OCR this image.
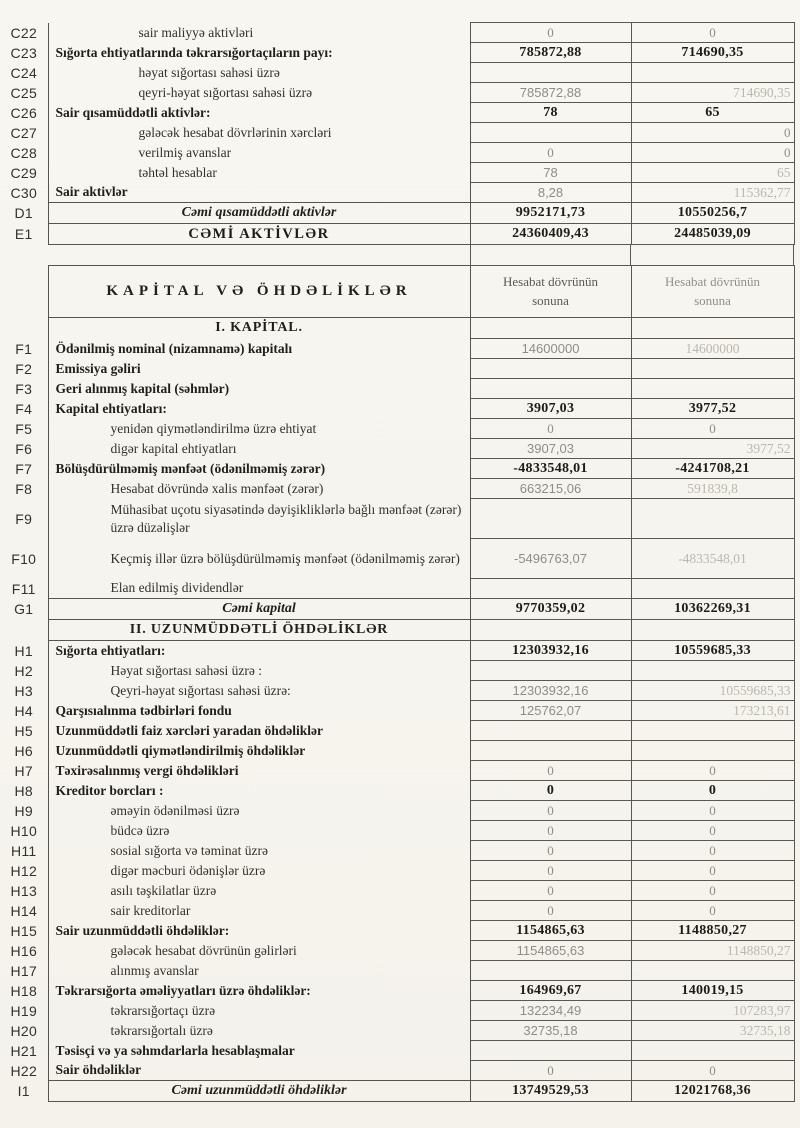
C22	sair maliyyə aktivləri	0	0
C23	Sığorta ehtiyatlarında təkrarsığortaçıların payı:	785872,88	714690,35
C24	həyat sığortası sahəsi üzrə		
C25	qeyri-həyat sığortası sahəsi üzrə	785872,88	714690,35
C26	Sair qısamüddətli aktivlər:	78	65
C27	gələcək hesabat dövrlərinin xərcləri		0
C28	verilmiş avanslar	0	0
C29	təhtəl hesablar	78	65
C30	Sair aktivlər	8,28	115362,77
D1	Cəmi qısamüddətli aktivlər	9952171,73	10550256,7
E1	CƏMİ AKTİVLƏR	24360409,43	24485039,09
	KAPİTAL VƏ ÖHDƏLİKLƏR	Hesabat dövrünün sonuna	Hesabat dövrünün sonuna
	I. KAPİTAL.		
F1	Ödənilmiş nominal (nizamnamə) kapitalı	14600000	14600000
F2	Emissiya gəliri		
F3	Geri alınmış kapital (səhmlər)		
F4	Kapital ehtiyatları:	3907,03	3977,52
F5	yenidən qiymətləndirilmə üzrə ehtiyat	0	0
F6	digər kapital ehtiyatları	3907,03	3977,52
F7	Bölüşdürülməmiş mənfəət (ödənilməmiş zərər)	-4833548,01	-4241708,21
F8	Hesabat dövründə xalis mənfəət (zərər)	663215,06	591839,8
F9	Mühasibat uçotu siyasətində dəyişikliklərlə bağlı mənfəət (zərər) üzrə düzəlişlər		
F10	Keçmiş illər üzrə bölüşdürülməmiş mənfəət (ödənilməmiş zərər)	-5496763,07	-4833548,01
F11	Elan edilmiş dividendlər		
G1	Cəmi kapital	9770359,02	10362269,31
	II. UZUNMÜDDƏTLİ ÖHDƏLİKLƏR		
H1	Sığorta ehtiyatları:	12303932,16	10559685,33
H2	Həyat sığortası sahəsi üzrə :		
H3	Qeyri-həyat sığortası sahəsi üzrə:	12303932,16	10559685,33
H4	Qarşısıalınma tədbirləri fondu	125762,07	173213,61
H5	Uzunmüddətli faiz xərcləri yaradan öhdəliklər		
H6	Uzunmüddətli qiymətləndirilmiş öhdəliklər		
H7	Təxirəsalınmış vergi öhdəlikləri	0	0
H8	Kreditor borcları :	0	0
H9	əməyin ödənilməsi üzrə	0	0
H10	büdcə üzrə	0	0
H11	sosial sığorta və təminat üzrə	0	0
H12	digər məcburi ödənişlər üzrə	0	0
H13	asılı təşkilatlar üzrə	0	0
H14	sair kreditorlar	0	0
H15	Sair uzunmüddətli öhdəliklər:	1154865,63	1148850,27
H16	gələcək hesabat dövrünün gəlirləri	1154865,63	1148850,27
H17	alınmış avanslar		
H18	Təkrarsığorta əməliyyatları üzrə öhdəliklər:	164969,67	140019,15
H19	təkrarsığortaçı üzrə	132234,49	107283,97
H20	təkrarsığortalı üzrə	32735,18	32735,18
H21	Təsisçi və ya səhmdarlarla hesablaşmalar		
H22	Sair öhdəliklər	0	0
I1	Cəmi uzunmüddətli öhdəliklər	13749529,53	12021768,36
